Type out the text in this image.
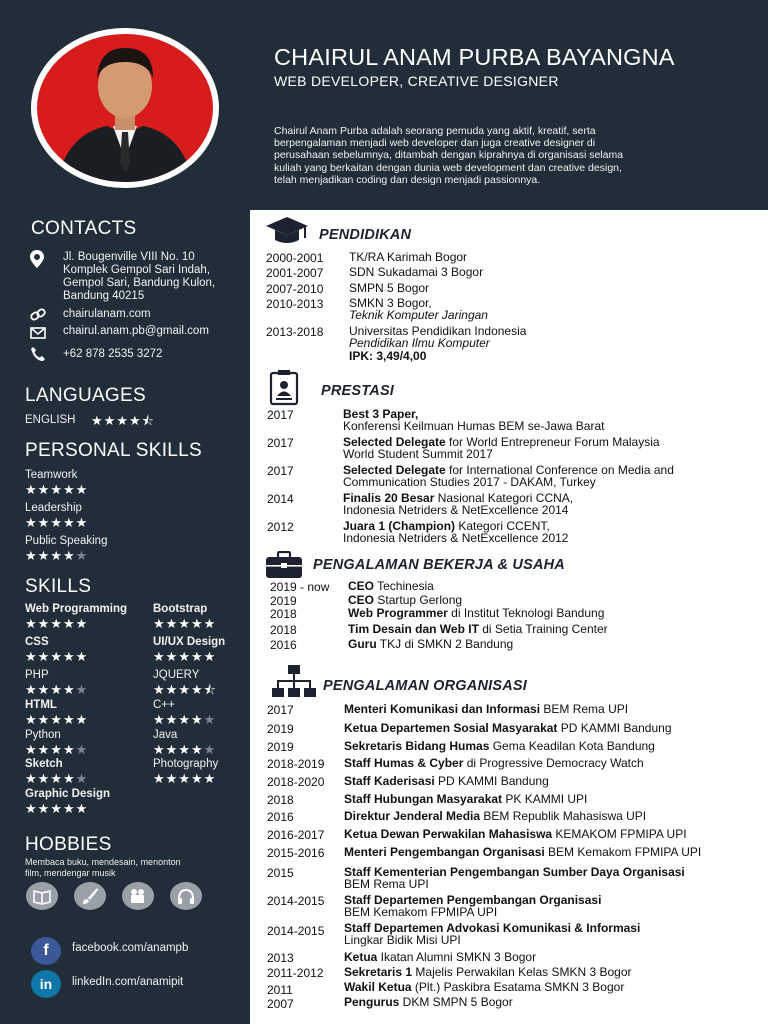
CONTACTS
Jl. Bougenville VIII No. 10
Komplek Gempol Sari Indah,
Gempol Sari, Bandung Kulon,
Bandung 40215
chairulanam.com
chairul.anam.pb@gmail.com
+62 878 2535 3272
LANGUAGES
ENGLISH ★★★★⯪
PERSONAL SKILLS
Teamwork
★★★★★
Leadership
★★★★★
Public Speaking
★★★★★
SKILLS
Web Programming
★★★★★
CSS
★★★★★
PHP
★★★★★
HTML
★★★★★
Python
★★★★★
Sketch
★★★★★
Graphic Design
★★★★★
Bootstrap
★★★★★
UI/UX Design
★★★★★
JQUERY
★★★★⯪
C++
★★★★★
Java
★★★★★
Photography
★★★★★
HOBBIES
Membaca buku, mendesain, menonton
film, mendengar musik
f	facebook.com/anampb
in	linkedIn.com/anamipit
CHAIRUL ANAM PURBA BAYANGNA
WEB DEVELOPER, CREATIVE DESIGNER
Chairul Anam Purba adalah seorang pemuda yang aktif, kreatif, serta
berpengalaman menjadi web developer dan juga creative designer di
perusahaan sebelumnya, ditambah dengan kiprahnya di organisasi selama
kuliah yang berkaitan dengan dunia web development dan creative design,
telah menjadikan coding dan design menjadi passionnya.
PENDIDIKAN
2000-2001 TK/RA Karimah Bogor
2001-2007 SDN Sukadamai 3 Bogor
2007-2010 SMPN 5 Bogor
2010-2013 SMKN 3 Bogor,
Teknik Komputer Jaringan
2013-2018 Universitas Pendidikan Indonesia
Pendidikan Ilmu Komputer
IPK: 3,49/4,00
PRESTASI
2017	Best 3 Paper,
Konferensi Keilmuan Humas BEM se-Jawa Barat
2017	Selected Delegate for World Entrepreneur Forum Malaysia
World Student Summit 2017
2017	Selected Delegate for International Conference on Media and
Communication Studies 2017 - DAKAM, Turkey
2014	Finalis 20 Besar Nasional Kategori CCNA,
Indonesia Netriders & NetExcellence 2014
2012	Juara 1 (Champion) Kategori CCENT,
Indonesia Netriders & NetExcellence 2012
PENGALAMAN BEKERJA & USAHA
2019 - now CEO Techinesia
2019	CEO Startup Gerlong
2018	Web Programmer di Institut Teknologi Bandung
2018	Tim Desain dan Web IT di Setia Training Center
2016	Guru TKJ di SMKN 2 Bandung
PENGALAMAN ORGANISASI
2017	Menteri Komunikasi dan Informasi BEM Rema UPI
2019	Ketua Departemen Sosial Masyarakat PD KAMMI Bandung
2019	Sekretaris Bidang Humas Gema Keadilan Kota Bandung
2018-2019 Staff Humas & Cyber di Progressive Democracy Watch
2018-2020 Staff Kaderisasi PD KAMMI Bandung
2018	Staff Hubungan Masyarakat PK KAMMI UPI
2016	Direktur Jenderal Media BEM Republik Mahasiswa UPI
2016-2017 Ketua Dewan Perwakilan Mahasiswa KEMAKOM FPMIPA UPI
2015-2016 Menteri Pengembangan Organisasi BEM Kemakom FPMIPA UPI
2015	Staff Kementerian Pengembangan Sumber Daya Organisasi
BEM Rema UPI
2014-2015 Staff Departemen Pengembangan Organisasi
BEM Kemakom FPMIPA UPI
2014-2015 Staff Departemen Advokasi Komunikasi & Informasi
Lingkar Bidik Misi UPI
2013	Ketua Ikatan Alumni SMKN 3 Bogor
2011-2012 Sekretaris 1 Majelis Perwakilan Kelas SMKN 3 Bogor
2011	Wakil Ketua (Plt.) Paskibra Esatama SMKN 3 Bogor
2007	Pengurus DKM SMPN 5 Bogor
